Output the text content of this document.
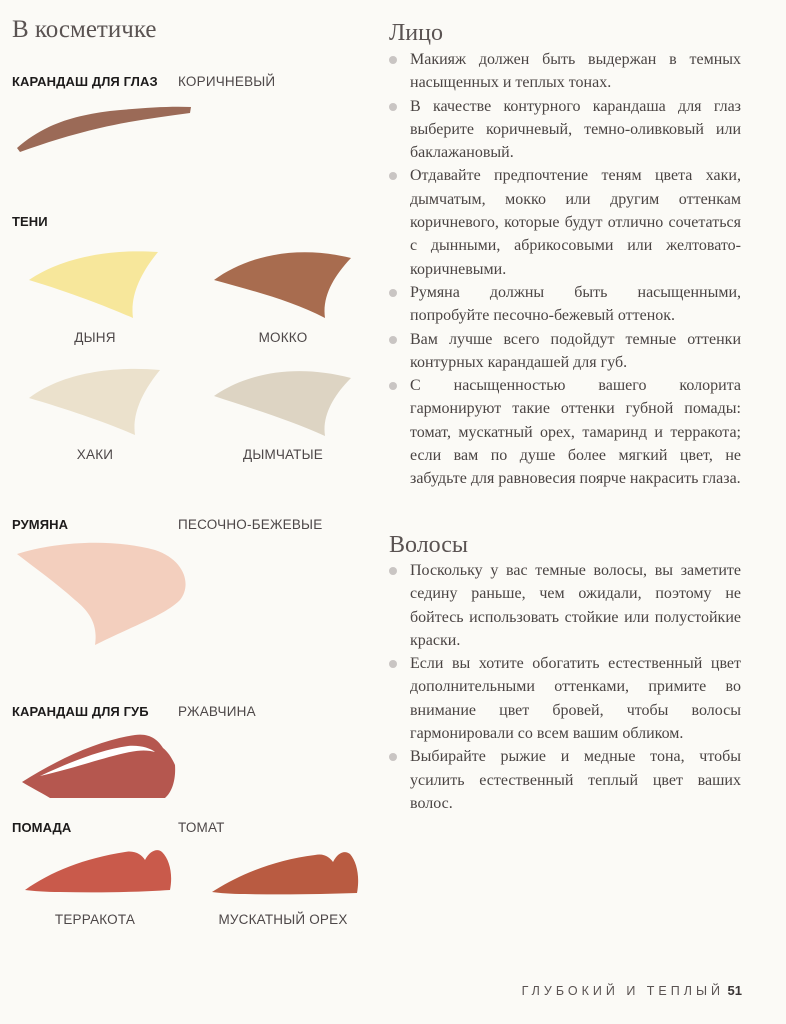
В косметичке
КАРАНДАШ ДЛЯ ГЛАЗ КОРИЧНЕВЫЙ
ТЕНИ
ДЫНЯ	МОККО
ХАКИ	ДЫМЧАТЫЕ
РУМЯНА	ПЕСОЧНО-БЕЖЕВЫЕ
КАРАНДАШ ДЛЯ ГУБ РЖАВЧИНА
ПОМАДА	ТОМАТ
ТЕРРАКОТА	МУСКАТНЫЙ ОРЕХ
Лицо
Макияж должен быть выдержан в темных насыщенных и теплых тонах.
В качестве контурного карандаша для глаз выберите коричневый, темно-оливковый или баклажановый.
Отдавайте предпочтение теням цвета хаки, дымчатым, мокко или другим оттенкам коричневого, которые будут отлично сочетаться с дынными, абрикосовыми или желтовато-коричневыми.
Румяна должны быть насыщенными, попробуйте песочно-бежевый оттенок.
Вам лучше всего подойдут темные оттенки контурных карандашей для губ.
С насыщенностью вашего колорита гармонируют такие оттенки губной помады: томат, мускатный орех, тамаринд и терракота; если вам по душе более мягкий цвет, не забудьте для равновесия поярче накрасить глаза.
Волосы
Поскольку у вас темные волосы, вы заметите седину раньше, чем ожидали, поэтому не бойтесь использовать стойкие или полустойкие краски.
Если вы хотите обогатить естественный цвет дополнительными оттенками, примите во внимание цвет бровей, чтобы волосы гармонировали со всем вашим обликом.
Выбирайте рыжие и медные тона, чтобы усилить естественный теплый цвет ваших волос.
ГЛУБОКИЙ И ТЕПЛЫЙ 51
